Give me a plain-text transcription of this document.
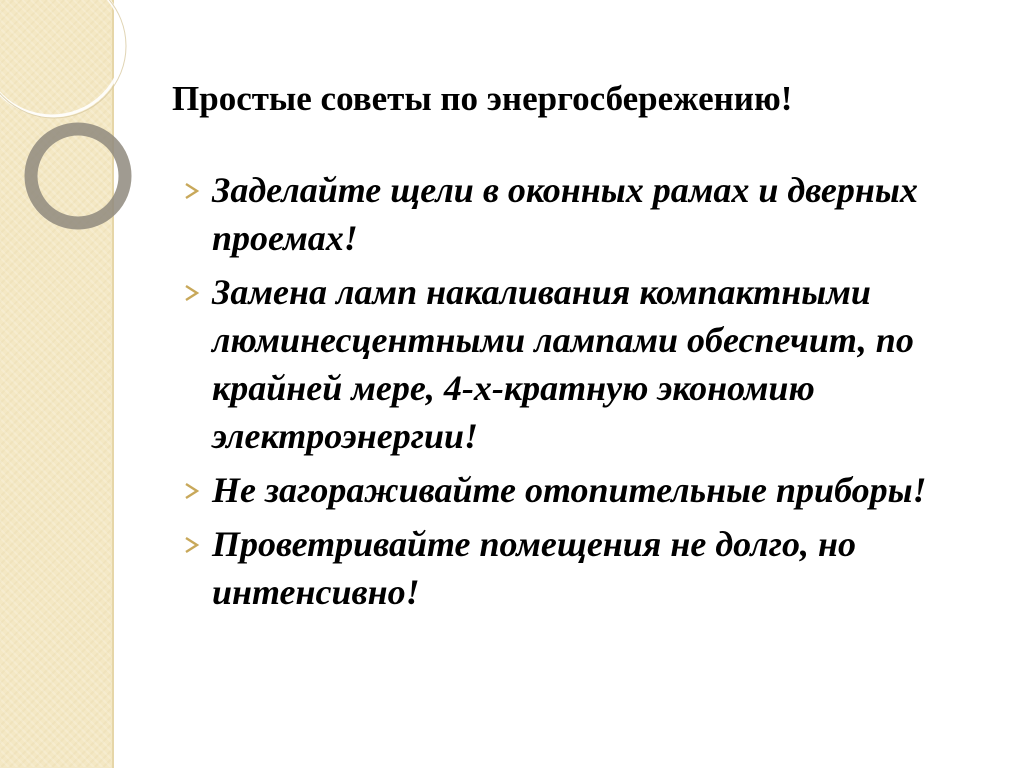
Простые советы по энергосбережению!
Заделайте щели в оконных рамах и дверных проемах!
Замена ламп накаливания компактными люминесцентными лампами обеспечит, по крайней мере, 4-х-кратную экономию электроэнергии!
Не загораживайте отопительные приборы!
Проветривайте помещения не долго, но интенсивно!
